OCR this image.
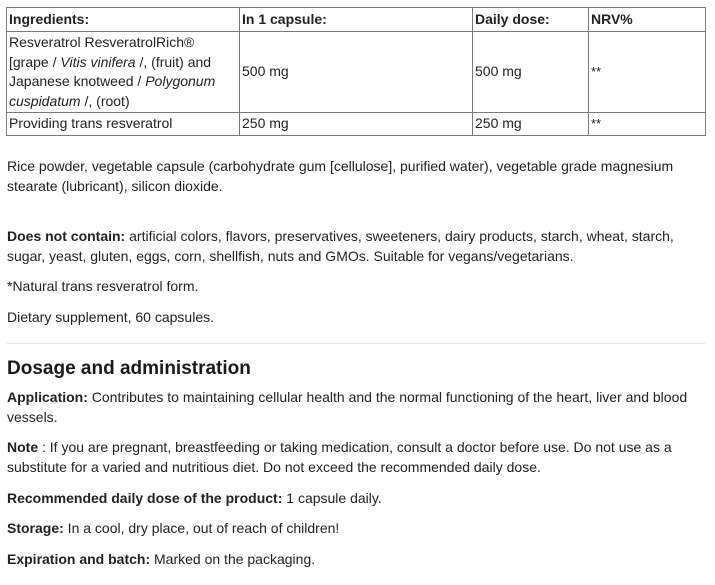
Ingredients:	In 1 capsule:	Daily dose:	NRV%
Resveratrol ResveratrolRich®
[grape / Vitis vinifera /, (fruit) and Japanese knotweed / Polygonum cuspidatum /, (root)	500 mg	500 mg	**
Providing trans resveratrol	250 mg	250 mg	**

Rice powder, vegetable capsule (carbohydrate gum [cellulose], purified water), vegetable grade magnesium stearate (lubricant), silicon dioxide.

Does not contain: artificial colors, flavors, preservatives, sweeteners, dairy products, starch, wheat, starch, sugar, yeast, gluten, eggs, corn, shellfish, nuts and GMOs. Suitable for vegans/vegetarians.

*Natural trans resveratrol form.

Dietary supplement, 60 capsules.

Dosage and administration

Application: Contributes to maintaining cellular health and the normal functioning of the heart, liver and blood vessels.

Note : If you are pregnant, breastfeeding or taking medication, consult a doctor before use. Do not use as a substitute for a varied and nutritious diet. Do not exceed the recommended daily dose.

Recommended daily dose of the product: 1 capsule daily.

Storage: In a cool, dry place, out of reach of children!

Expiration and batch: Marked on the packaging.
